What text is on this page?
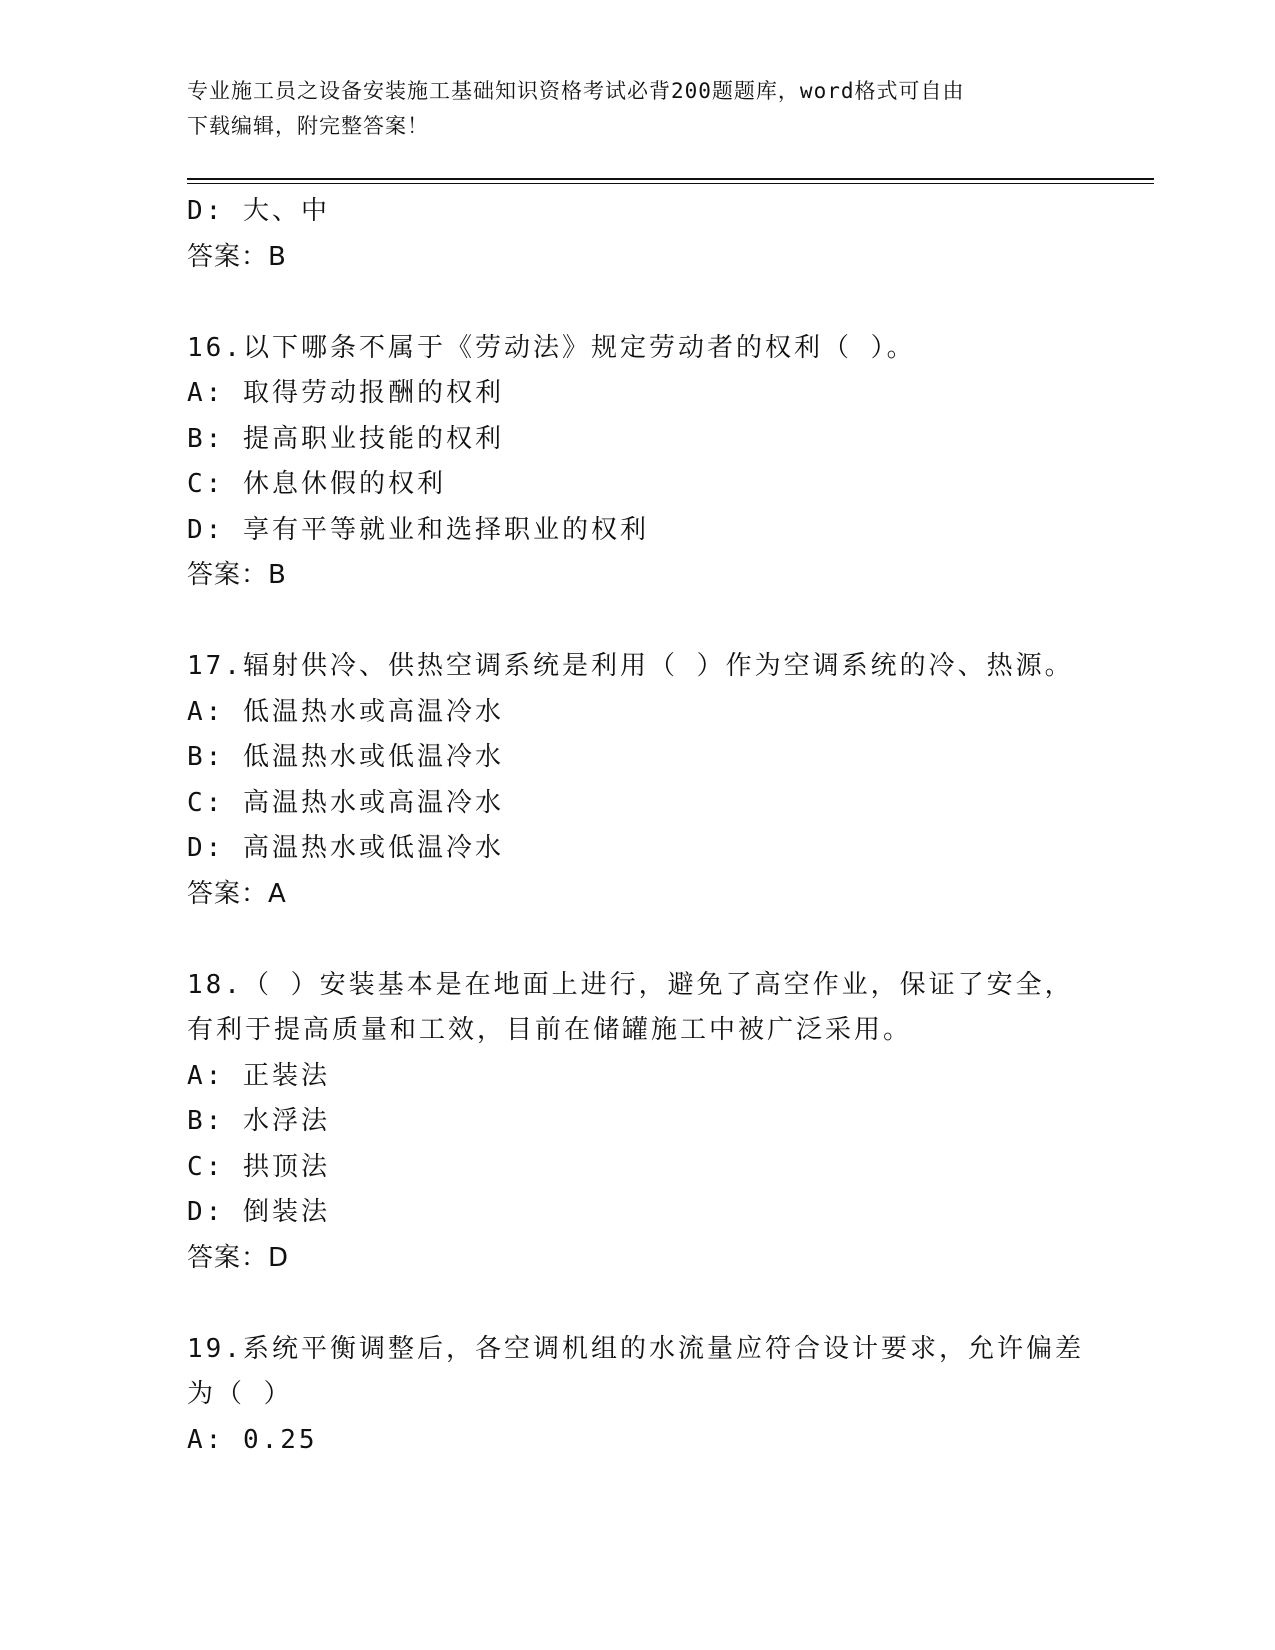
专业施工员之设备安装施工基础知识资格考试必背200题题库，word格式可自由
下载编辑，附完整答案！
D: 大、中
答案：B
16.以下哪条不属于《劳动法》规定劳动者的权利（ ）。
A: 取得劳动报酬的权利
B: 提高职业技能的权利
C: 休息休假的权利
D: 享有平等就业和选择职业的权利
答案：B
17.辐射供冷、供热空调系统是利用（ ）作为空调系统的冷、热源。
A: 低温热水或高温冷水
B: 低温热水或低温冷水
C: 高温热水或高温冷水
D: 高温热水或低温冷水
答案：A
18.（ ）安装基本是在地面上进行，避免了高空作业，保证了安全，
有利于提高质量和工效，目前在储罐施工中被广泛采用。
A: 正装法
B: 水浮法
C: 拱顶法
D: 倒装法
答案：D
19.系统平衡调整后，各空调机组的水流量应符合设计要求，允许偏差
为（ ）
A: 0.25
